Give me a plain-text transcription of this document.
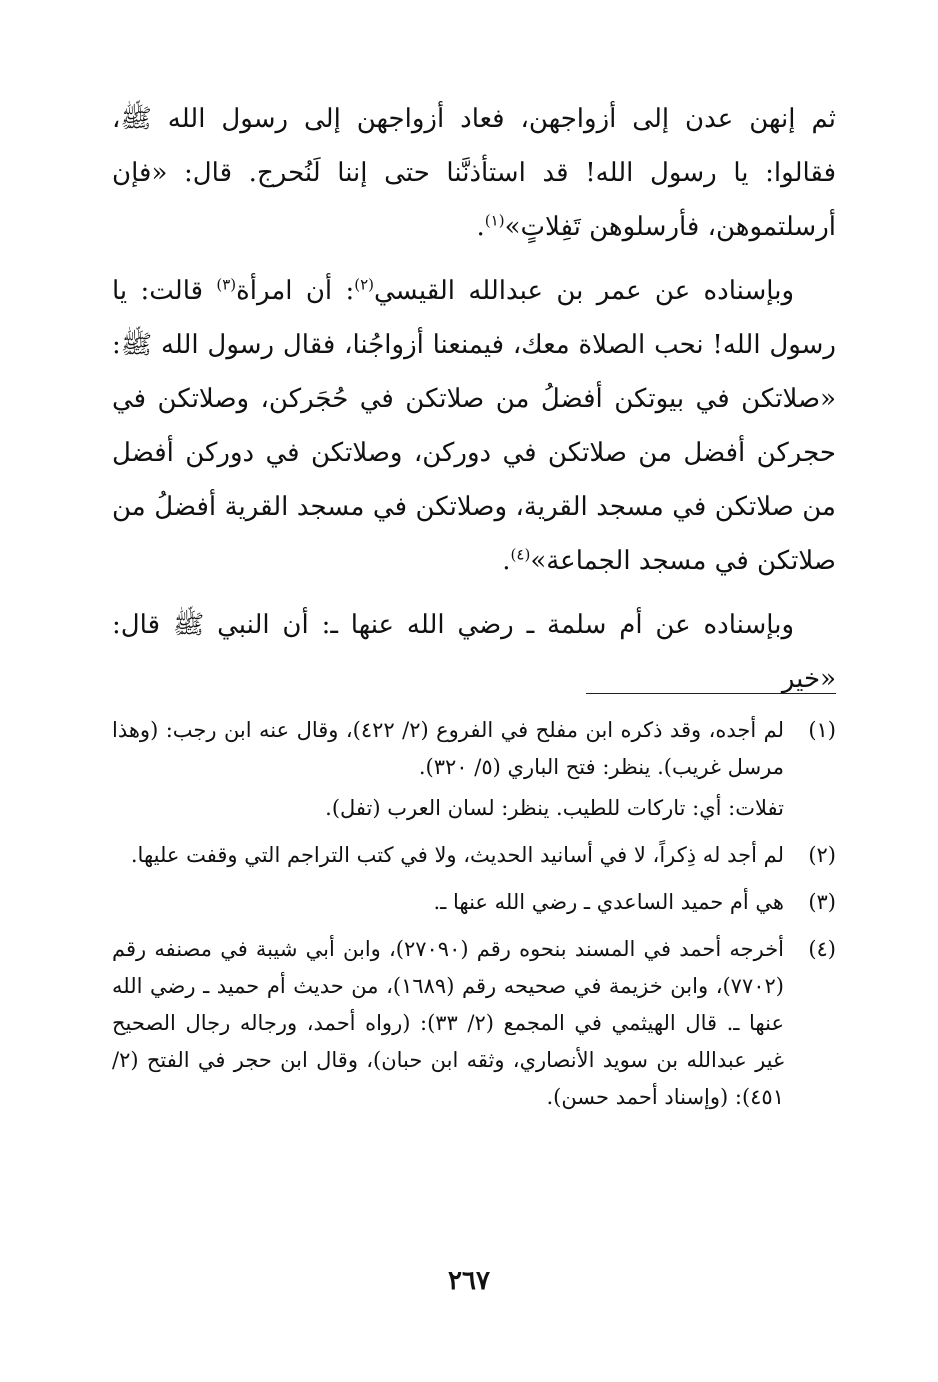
ثم إنهن عدن إلى أزواجهن، فعاد أزواجهن إلى رسول الله ﷺ، فقالوا: يا رسول الله! قد استأذنَّنا حتى إننا لَنُحرج. قال: «فإن أرسلتموهن، فأرسلوهن تَفِلاتٍ»$^{(١)}$.

وبإسناده عن عمر بن عبدالله القيسي$^{(٢)}$: أن امرأة$^{(٣)}$ قالت: يا رسول الله! نحب الصلاة معك، فيمنعنا أزواجُنا، فقال رسول الله ﷺ: «صلاتكن في بيوتكن أفضلُ من صلاتكن في حُجَركن، وصلاتكن في حجركن أفضل من صلاتكن في دوركن، وصلاتكن في دوركن أفضل من صلاتكن في مسجد القرية، وصلاتكن في مسجد القرية أفضلُ من صلاتكن في مسجد الجماعة»$^{(٤)}$.

وبإسناده عن أم سلمة ـ رضي الله عنها ـ: أن النبي ﷺ قال: «خير

(١)

لم أجده، وقد ذكره ابن مفلح في الفروع (٢/ ٤٢٢)، وقال عنه ابن رجب: (وهذا مرسل غريب). ينظر: فتح الباري (٥/ ٣٢٠).

تفلات: أي: تاركات للطيب. ينظر: لسان العرب (تفل).

(٢)

لم أجد له ذِكراً، لا في أسانيد الحديث، ولا في كتب التراجم التي وقفت عليها.

(٣)

هي أم حميد الساعدي ـ رضي الله عنها ـ.

(٤)

أخرجه أحمد في المسند بنحوه رقم (٢٧٠٩٠)، وابن أبي شيبة في مصنفه رقم (٧٧٠٢)، وابن خزيمة في صحيحه رقم (١٦٨٩)، من حديث أم حميد ـ رضي الله عنها ـ. قال الهيثمي في المجمع (٢/ ٣٣): (رواه أحمد، ورجاله رجال الصحيح غير عبدالله بن سويد الأنصاري، وثقه ابن حبان)، وقال ابن حجر في الفتح (٢/ ٤٥١): (وإسناد أحمد حسن).

٢٦٧
